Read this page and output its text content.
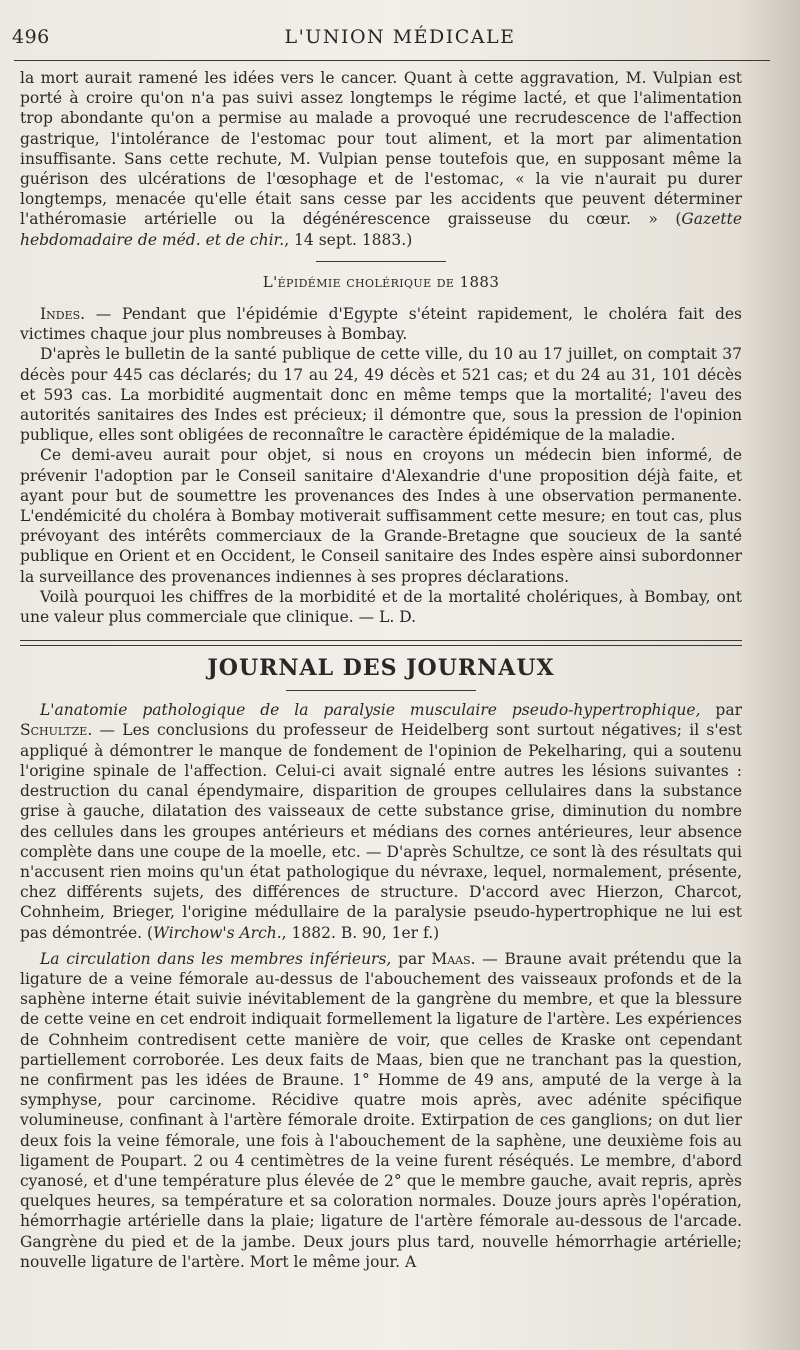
496	L'UNION MÉDICALE

la mort aurait ramené les idées vers le cancer. Quant à cette aggravation, M. Vulpian est porté à croire qu'on n'a pas suivi assez longtemps le régime lacté, et que l'alimentation trop abondante qu'on a permise au malade a provoqué une recrudescence de l'affection gastrique, l'intolérance de l'estomac pour tout aliment, et la mort par alimentation insuffisante. Sans cette rechute, M. Vulpian pense toutefois que, en supposant même la guérison des ulcérations de l'œsophage et de l'estomac, « la vie n'aurait pu durer longtemps, menacée qu'elle était sans cesse par les accidents que peuvent déterminer l'athéromasie artérielle ou la dégénérescence graisseuse du cœur. » (Gazette hebdomadaire de méd. et de chir., 14 sept. 1883.)

L'épidémie cholérique de 1883

Indes. — Pendant que l'épidémie d'Egypte s'éteint rapidement, le choléra fait des victimes chaque jour plus nombreuses à Bombay.

D'après le bulletin de la santé publique de cette ville, du 10 au 17 juillet, on comptait 37 décès pour 445 cas déclarés; du 17 au 24, 49 décès et 521 cas; et du 24 au 31, 101 décès et 593 cas. La morbidité augmentait donc en même temps que la mortalité; l'aveu des autorités sanitaires des Indes est précieux; il démontre que, sous la pression de l'opinion publique, elles sont obligées de reconnaître le caractère épidémique de la maladie.

Ce demi-aveu aurait pour objet, si nous en croyons un médecin bien informé, de prévenir l'adoption par le Conseil sanitaire d'Alexandrie d'une proposition déjà faite, et ayant pour but de soumettre les provenances des Indes à une observation permanente. L'endémicité du choléra à Bombay motiverait suffisamment cette mesure; en tout cas, plus prévoyant des intérêts commerciaux de la Grande-Bretagne que soucieux de la santé publique en Orient et en Occident, le Conseil sanitaire des Indes espère ainsi subordonner la surveillance des provenances indiennes à ses propres déclarations.

Voilà pourquoi les chiffres de la morbidité et de la mortalité cholériques, à Bombay, ont une valeur plus commerciale que clinique. — L. D.

JOURNAL DES JOURNAUX

L'anatomie pathologique de la paralysie musculaire pseudo-hypertrophique, par Schultze. — Les conclusions du professeur de Heidelberg sont surtout négatives; il s'est appliqué à démontrer le manque de fondement de l'opinion de Pekelharing, qui a soutenu l'origine spinale de l'affection. Celui-ci avait signalé entre autres les lésions suivantes : destruction du canal épendymaire, disparition de groupes cellulaires dans la substance grise à gauche, dilatation des vaisseaux de cette substance grise, diminution du nombre des cellules dans les groupes antérieurs et médians des cornes antérieures, leur absence complète dans une coupe de la moelle, etc. — D'après Schultze, ce sont là des résultats qui n'accusent rien moins qu'un état pathologique du névraxe, lequel, normalement, présente, chez différents sujets, des différences de structure. D'accord avec Hierzon, Charcot, Cohnheim, Brieger, l'origine médullaire de la paralysie pseudo-hypertrophique ne lui est pas démontrée. (Wirchow's Arch., 1882. B. 90, 1er f.)

La circulation dans les membres inférieurs, par Maas. — Braune avait prétendu que la ligature de a veine fémorale au-dessus de l'abouchement des vaisseaux profonds et de la saphène interne était suivie inévitablement de la gangrène du membre, et que la blessure de cette veine en cet endroit indiquait formellement la ligature de l'artère. Les expériences de Cohnheim contredisent cette manière de voir, que celles de Kraske ont cependant partiellement corroborée. Les deux faits de Maas, bien que ne tranchant pas la question, ne confirment pas les idées de Braune. 1° Homme de 49 ans, amputé de la verge à la symphyse, pour carcinome. Récidive quatre mois après, avec adénite spécifique volumineuse, confinant à l'artère fémorale droite. Extirpation de ces ganglions; on dut lier deux fois la veine fémorale, une fois à l'abouchement de la saphène, une deuxième fois au ligament de Poupart. 2 ou 4 centimètres de la veine furent réséqués. Le membre, d'abord cyanosé, et d'une température plus élevée de 2° que le membre gauche, avait repris, après quelques heures, sa température et sa coloration normales. Douze jours après l'opération, hémorrhagie artérielle dans la plaie; ligature de l'artère fémorale au-dessous de l'arcade. Gangrène du pied et de la jambe. Deux jours plus tard, nouvelle hémorrhagie artérielle; nouvelle ligature de l'artère. Mort le même jour. A
